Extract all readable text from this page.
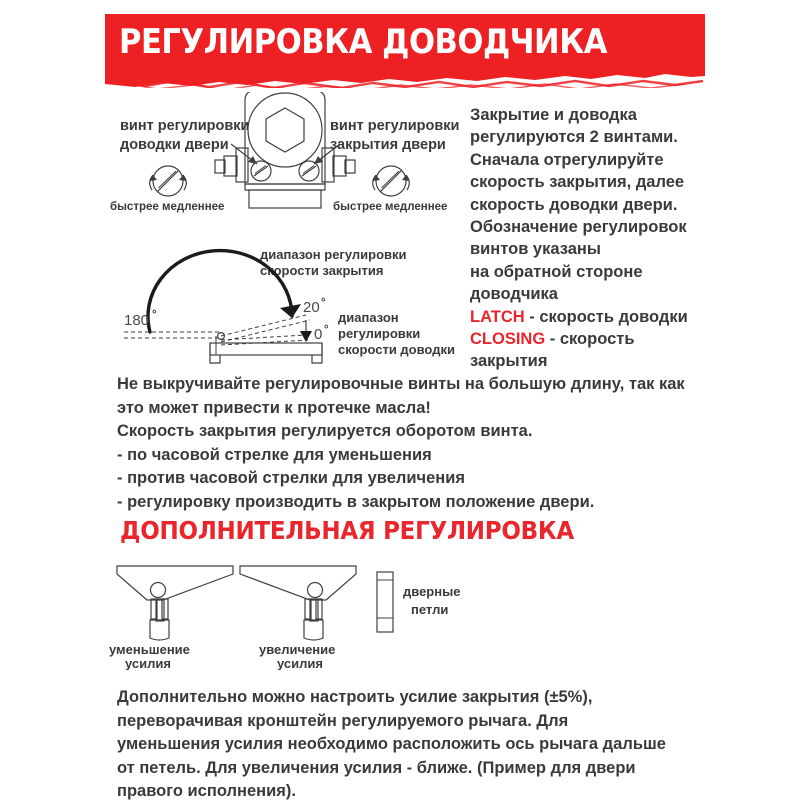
РЕГУЛИРОВКА ДОВОДЧИКА
винт регулировки
доводки двери
винт регулировки
закрытия двери
быстрее медленнее	быстрее медленнее
диапазон регулировки
скорости закрытия
180 °	20 °
0 °
диапазон
регулировки
скорости доводки
Закрытие и доводка
регулируются 2 винтами.
Сначала отрегулируйте
скорость закрытия, далее
скорость доводки двери.
Обозначение регулировок
винтов указаны
на обратной стороне
доводчика
LATCH - скорость доводки
CLOSING - скорость
закрытия
Не выкручивайте регулировочные винты на большую длину, так как
это может привести к протечке масла!
Скорость закрытия регулируется оборотом винта.
- по часовой стрелке для уменьшения
- против часовой стрелки для увеличения
- регулировку производить в закрытом положение двери.
ДОПОЛНИТЕЛЬНАЯ РЕГУЛИРОВКА
уменьшение
усилия
увеличение
усилия
дверные
петли
Дополнительно можно настроить усилие закрытия (±5%),
переворачивая кронштейн регулируемого рычага. Для
уменьшения усилия необходимо расположить ось рычага дальше
от петель. Для увеличения усилия - ближе. (Пример для двери
правого исполнения).
